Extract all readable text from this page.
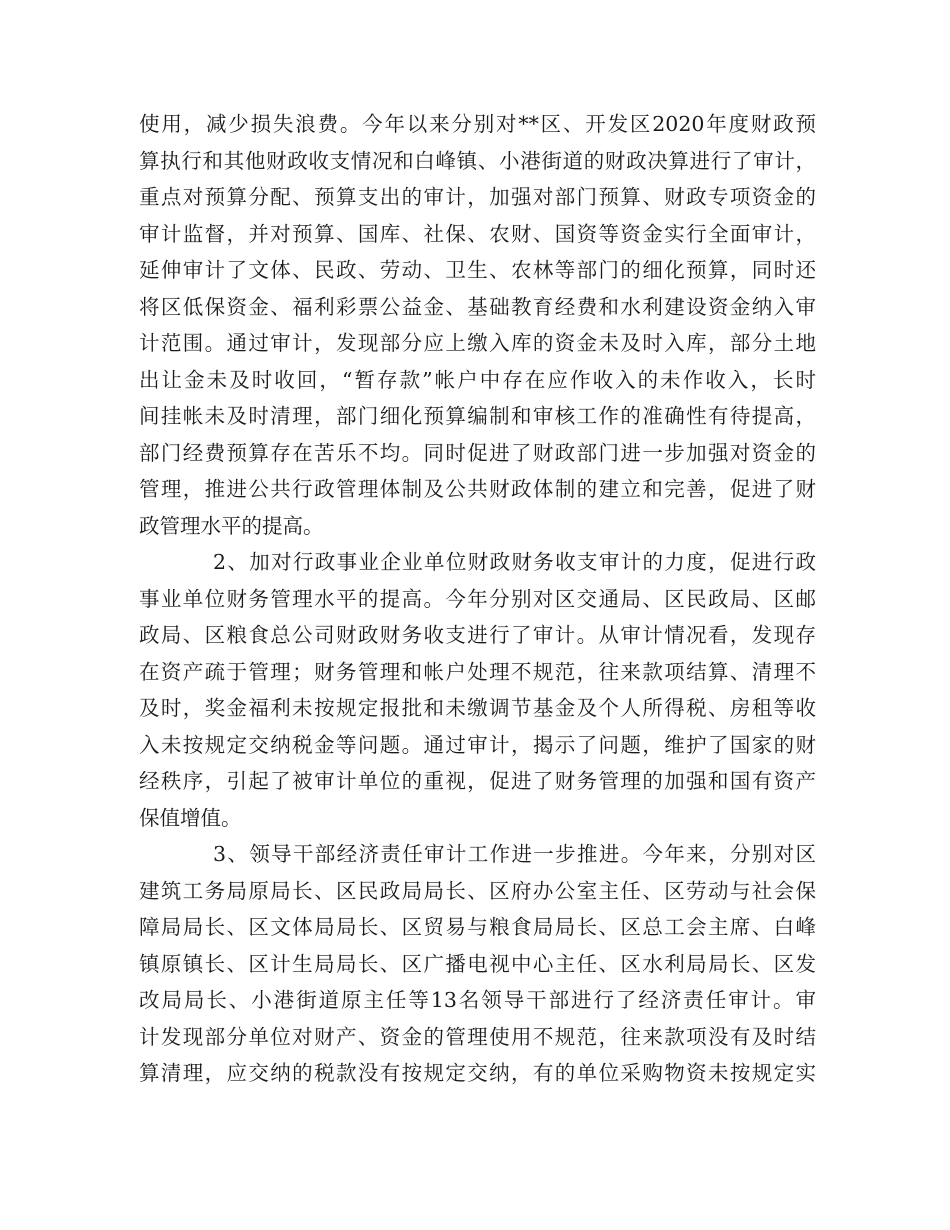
使用，减少损失浪费。今年以来分别对**区、开发区2020年度财政预
算执行和其他财政收支情况和白峰镇、小港街道的财政决算进行了审计，
重点对预算分配、预算支出的审计，加强对部门预算、财政专项资金的
审计监督，并对预算、国库、社保、农财、国资等资金实行全面审计，
延伸审计了文体、民政、劳动、卫生、农林等部门的细化预算，同时还
将区低保资金、福利彩票公益金、基础教育经费和水利建设资金纳入审
计范围。通过审计，发现部分应上缴入库的资金未及时入库，部分土地
出让金未及时收回，“暂存款”帐户中存在应作收入的未作收入，长时
间挂帐未及时清理，部门细化预算编制和审核工作的准确性有待提高，
部门经费预算存在苦乐不均。同时促进了财政部门进一步加强对资金的
管理，推进公共行政管理体制及公共财政体制的建立和完善，促进了财
政管理水平的提高。
2、加对行政事业企业单位财政财务收支审计的力度，促进行政
事业单位财务管理水平的提高。今年分别对区交通局、区民政局、区邮
政局、区粮食总公司财政财务收支进行了审计。从审计情况看，发现存
在资产疏于管理；财务管理和帐户处理不规范，往来款项结算、清理不
及时，奖金福利未按规定报批和未缴调节基金及个人所得税、房租等收
入未按规定交纳税金等问题。通过审计，揭示了问题，维护了国家的财
经秩序，引起了被审计单位的重视，促进了财务管理的加强和国有资产
保值增值。
3、领导干部经济责任审计工作进一步推进。今年来，分别对区
建筑工务局原局长、区民政局局长、区府办公室主任、区劳动与社会保
障局局长、区文体局局长、区贸易与粮食局局长、区总工会主席、白峰
镇原镇长、区计生局局长、区广播电视中心主任、区水利局局长、区发
改局局长、小港街道原主任等13名领导干部进行了经济责任审计。审
计发现部分单位对财产、资金的管理使用不规范，往来款项没有及时结
算清理，应交纳的税款没有按规定交纳，有的单位采购物资未按规定实
